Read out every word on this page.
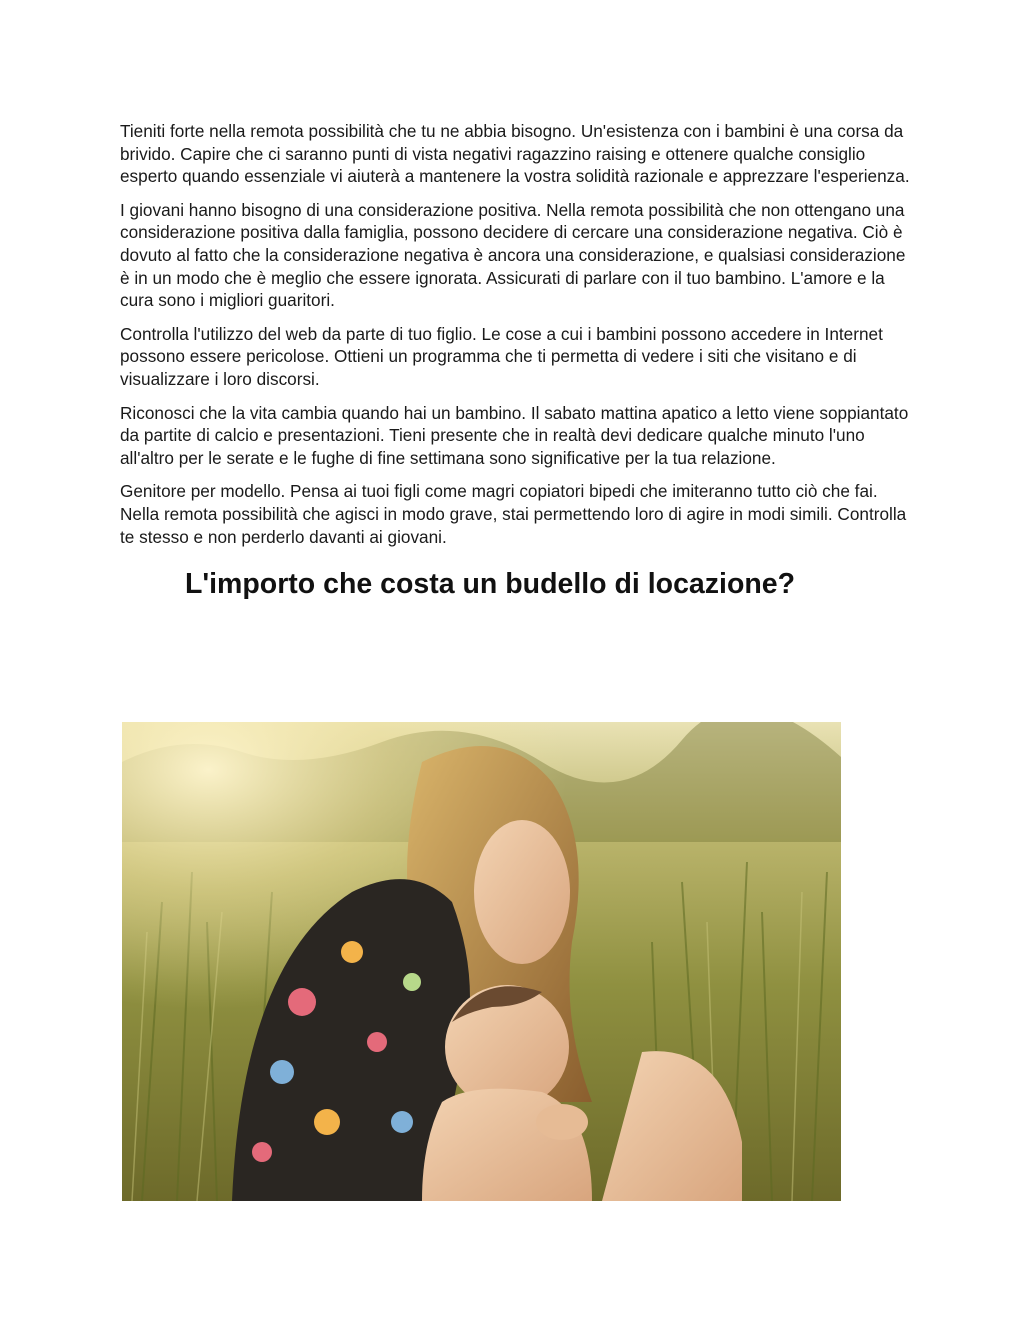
Tieniti forte nella remota possibilità che tu ne abbia bisogno. Un'esistenza con i bambini è una corsa da brivido. Capire che ci saranno punti di vista negativi ragazzino raising e ottenere qualche consiglio esperto quando essenziale vi aiuterà a mantenere la vostra solidità razionale e apprezzare l'esperienza.

I giovani hanno bisogno di una considerazione positiva. Nella remota possibilità che non ottengano una considerazione positiva dalla famiglia, possono decidere di cercare una considerazione negativa. Ciò è dovuto al fatto che la considerazione negativa è ancora una considerazione, e qualsiasi considerazione è in un modo che è meglio che essere ignorata. Assicurati di parlare con il tuo bambino. L'amore e la cura sono i migliori guaritori.

Controlla l'utilizzo del web da parte di tuo figlio. Le cose a cui i bambini possono accedere in Internet possono essere pericolose. Ottieni un programma che ti permetta di vedere i siti che visitano e di visualizzare i loro discorsi.

Riconosci che la vita cambia quando hai un bambino. Il sabato mattina apatico a letto viene soppiantato da partite di calcio e presentazioni. Tieni presente che in realtà devi dedicare qualche minuto l'uno all'altro per le serate e le fughe di fine settimana sono significative per la tua relazione.

Genitore per modello. Pensa ai tuoi figli come magri copiatori bipedi che imiteranno tutto ciò che fai. Nella remota possibilità che agisci in modo grave, stai permettendo loro di agire in modi simili. Controlla te stesso e non perderlo davanti ai giovani.

L'importo che costa un budello di locazione?
